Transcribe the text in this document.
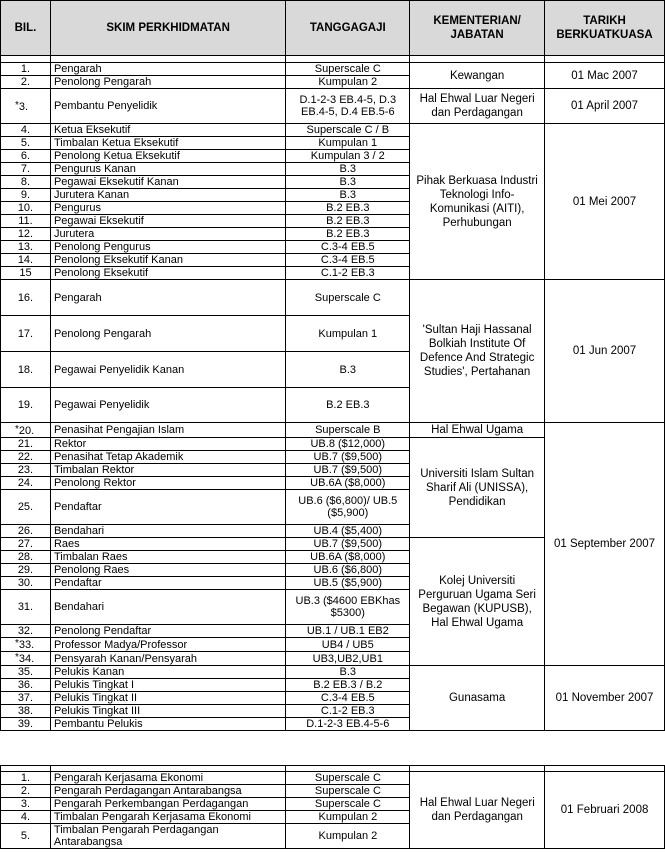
BIL.	SKIM PERKHIDMATAN	TANGGAGAJI	KEMENTERIAN/ JABATAN	TARIKH BERKUATKUASA

1.	Pengarah	Superscale C	Kewangan	01 Mac 2007
2.	Penolong Pengarah	Kumpulan 2		
*3.	Pembantu Penyelidik	D.1-2-3 EB.4-5, D.3 EB.4-5, D.4 EB.5-6	Hal Ehwal Luar Negeri dan Perdagangan	01 April 2007
4.	Ketua Eksekutif	Superscale C / B	Pihak Berkuasa Industri Teknologi Info-Komunikasi (AITI), Perhubungan	01 Mei 2007
5.	Timbalan Ketua Eksekutif	Kumpulan 1		
6.	Penolong Ketua Eksekutif	Kumpulan 3 / 2		
7.	Pengurus Kanan	B.3		
8.	Pegawai Eksekutif Kanan	B.3		
9.	Jurutera Kanan	B.3		
10.	Pengurus	B.2 EB.3		
11.	Pegawai Eksekutif	B.2 EB.3		
12.	Jurutera	B.2 EB.3		
13.	Penolong Pengurus	C.3-4 EB.5		
14.	Penolong Eksekutif Kanan	C.3-4 EB.5		
15	Penolong Eksekutif	C.1-2 EB.3		
16.	Pengarah	Superscale C	'Sultan Haji Hassanal Bolkiah Institute Of Defence And Strategic Studies', Pertahanan	01 Jun 2007
17.	Penolong Pengarah	Kumpulan 1		
18.	Pegawai Penyelidik Kanan	B.3		
19.	Pegawai Penyelidik	B.2 EB.3		
*20.	Penasihat Pengajian Islam	Superscale B	Hal Ehwal Ugama	01 September 2007
21.	Rektor	UB.8 ($12,000)	Universiti Islam Sultan Sharif Ali (UNISSA), Pendidikan	
22.	Penasihat Tetap Akademik	UB.7 ($9,500)		
23.	Timbalan Rektor	UB.7 ($9,500)		
24.	Penolong Rektor	UB.6A ($8,000)		
25.	Pendaftar	UB.6 ($6,800)/ UB.5 ($5,900)		
26.	Bendahari	UB.4 ($5,400)		
27.	Raes	UB.7 ($9,500)	Kolej Universiti Perguruan Ugama Seri Begawan (KUPUSB), Hal Ehwal Ugama	
28.	Timbalan Raes	UB.6A ($8,000)		
29.	Penolong Raes	UB.6 ($6,800)		
30.	Pendaftar	UB.5 ($5,900)		
31.	Bendahari	UB.3 ($4600 EBKhas $5300)		
32.	Penolong Pendaftar	UB.1 / UB.1 EB2		
*33.	Professor Madya/Professor	UB4 / UB5		
*34.	Pensyarah Kanan/Pensyarah	UB3,UB2,UB1		
35.	Pelukis Kanan	B.3	Gunasama	01 November 2007
36.	Pelukis Tingkat I	B.2 EB.3 / B.2		
37.	Pelukis Tingkat II	C.3-4 EB.5		
38.	Pelukis Tingkat III	C.1-2 EB.3		
39.	Pembantu Pelukis	D.1-2-3 EB.4-5-6		

1.	Pengarah Kerjasama Ekonomi	Superscale C	Hal Ehwal Luar Negeri dan Perdagangan	01 Februari 2008
2.	Pengarah Perdagangan Antarabangsa	Superscale C		
3.	Pengarah Perkembangan Perdagangan	Superscale C		
4.	Timbalan Pengarah Kerjasama Ekonomi	Kumpulan 2		
5.	Timbalan Pengarah Perdagangan Antarabangsa	Kumpulan 2		
